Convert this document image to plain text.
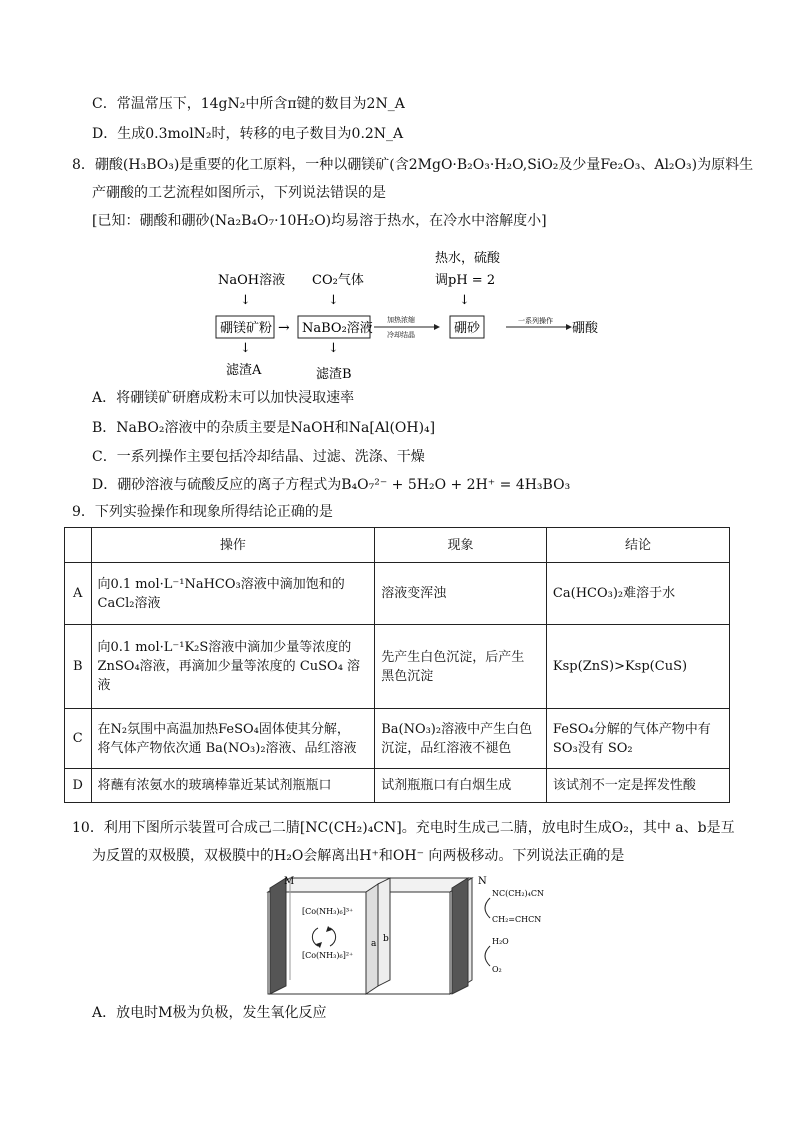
C．常温常压下，14gN₂中所含π键的数目为2N_A
D．生成0.3molN₂时，转移的电子数目为0.2N_A
8．硼酸(H₃BO₃)是重要的化工原料，一种以硼镁矿(含2MgO·B₂O₃·H₂O,SiO₂及少量Fe₂O₃、Al₂O₃)为原料生
产硼酸的工艺流程如图所示，下列说法错误的是
[已知：硼酸和硼砂(Na₂B₄O₇·10H₂O)均易溶于热水，在冷水中溶解度小]
热水，硫酸
调pH = 2
NaOH溶液 CO₂气体
↓	↓	↓
硼镁矿粉 → NaBO₂溶液
加热浓缩
冷却结晶	硼砂	一系列操作 硼酸
↓	↓
滤渣A	滤渣B
A．将硼镁矿研磨成粉末可以加快浸取速率
B．NaBO₂溶液中的杂质主要是NaOH和Na[Al(OH)₄]
C．一系列操作主要包括冷却结晶、过滤、洗涤、干燥
D．硼砂溶液与硫酸反应的离子方程式为B₄O₇²⁻ + 5H₂O + 2H⁺ = 4H₃BO₃
9．下列实验操作和现象所得结论正确的是
	操作	现象	结论
A	向0.1 mol·L⁻¹NaHCO₃溶液中滴加饱和的
CaCl₂溶液	溶液变浑浊	Ca(HCO₃)₂难溶于水

B	向0.1 mol·L⁻¹K₂S溶液中滴加少量等浓度的
ZnSO₄溶液，再滴加少量等浓度的 CuSO₄ 溶
液	先产生白色沉淀，后产生
黑色沉淀	Ksp(ZnS)>Ksp(CuS)

C	在N₂氛围中高温加热FeSO₄固体使其分解，
将气体产物依次通 Ba(NO₃)₂溶液、品红溶液	Ba(NO₃)₂溶液中产生白色
沉淀，品红溶液不褪色	FeSO₄分解的气体产物中有
SO₃没有 SO₂

D	将蘸有浓氨水的玻璃棒靠近某试剂瓶瓶口	试剂瓶瓶口有白烟生成	该试剂不一定是挥发性酸
10．利用下图所示装置可合成己二腈[NC(CH₂)₄CN]。充电时生成己二腈，放电时生成O₂，其中 a、b是互
为反置的双极膜，双极膜中的H₂O会解离出H⁺和OH⁻ 向两极移动。下列说法正确的是
M	N
a b
[Co(NH₃)₆]³⁺
[Co(NH₃)₆]²⁺
NC(CH₂)₄CN
CH₂=CHCN
H₂O
O₂
A．放电时M极为负极，发生氧化反应
